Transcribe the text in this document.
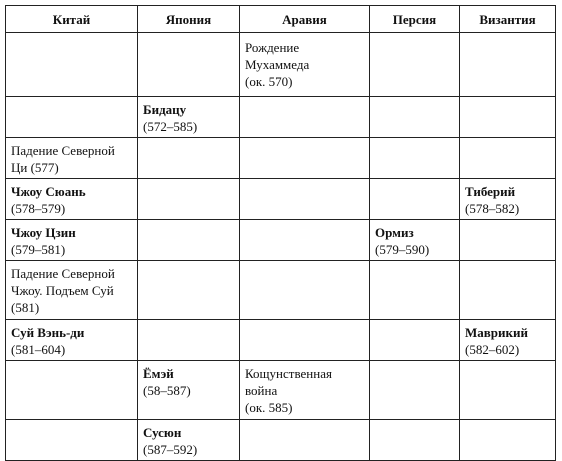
Китай	Япония	Аравия	Персия	Византия

		Рождение Мухаммеда
(ок. 570)		

	Бидацу
(572–585)			

Падение Северной Ци (577)				

Чжоу Сюань
(578–579)				Тиберий
(578–582)

Чжоу Цзин
(579–581)			Ормиз
(579–590)	

Падение Северной Чжоу. Подъем Суй (581)				

Суй Вэнь-ди
(581–604)				Маврикий
(582–602)

	Ёмэй
(58–587)	Кощунственная война
(ок. 585)		

	Сусюн
(587–592)			
